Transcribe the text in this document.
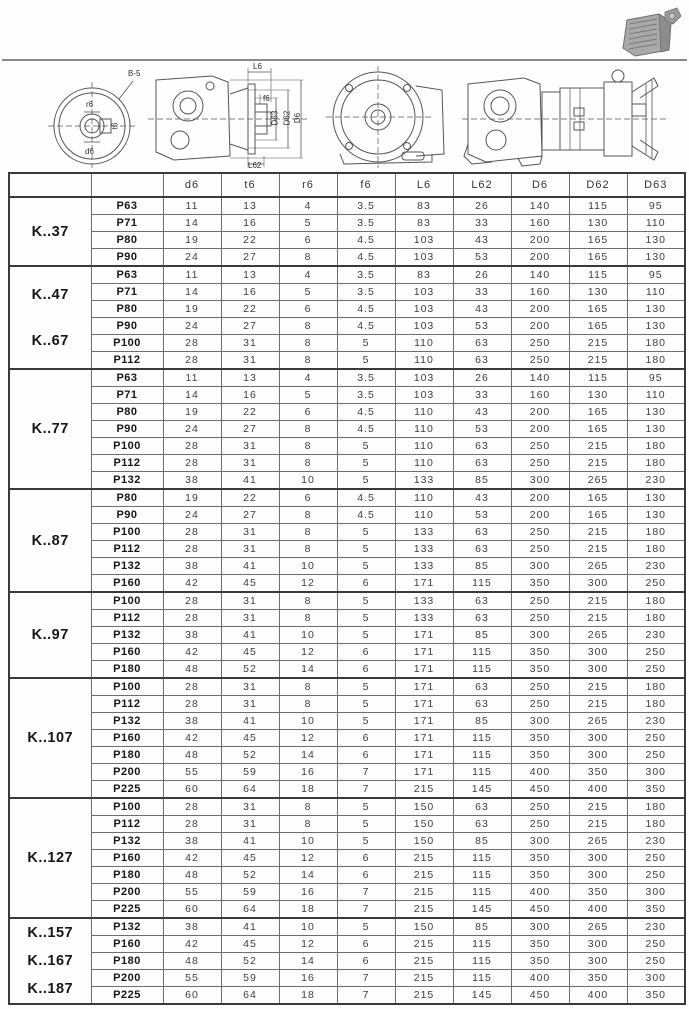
B-5
r6
t6
d6
L6
f6
D63 D62 D6
L62
		d6	t6	r6	f6	L6	L62	D6	D62	D63

K..37	P63	11	13	4	3.5	83	26	140	115	95
	P71	14	16	5	3.5	83	33	160	130	110
	P80	19	22	6	4.5	103	43	200	165	130
	P90	24	27	8	4.5	103	53	200	165	130

K..47
K..67	P63	11	13	4	3.5	83	26	140	115	95
	P71	14	16	5	3.5	103	33	160	130	110
	P80	19	22	6	4.5	103	43	200	165	130
	P90	24	27	8	4.5	103	53	200	165	130
	P100	28	31	8	5	110	63	250	215	180
	P112	28	31	8	5	110	63	250	215	180

K..77	P63	11	13	4	3.5	103	26	140	115	95
	P71	14	16	5	3.5	103	33	160	130	110
	P80	19	22	6	4.5	110	43	200	165	130
	P90	24	27	8	4.5	110	53	200	165	130
	P100	28	31	8	5	110	63	250	215	180
	P112	28	31	8	5	110	63	250	215	180
	P132	38	41	10	5	133	85	300	265	230

K..87	P80	19	22	6	4.5	110	43	200	165	130
	P90	24	27	8	4.5	110	53	200	165	130
	P100	28	31	8	5	133	63	250	215	180
	P112	28	31	8	5	133	63	250	215	180
	P132	38	41	10	5	133	85	300	265	230
	P160	42	45	12	6	171	115	350	300	250

K..97	P100	28	31	8	5	133	63	250	215	180
	P112	28	31	8	5	133	63	250	215	180
	P132	38	41	10	5	171	85	300	265	230
	P160	42	45	12	6	171	115	350	300	250
	P180	48	52	14	6	171	115	350	300	250

K..107	P100	28	31	8	5	171	63	250	215	180
	P112	28	31	8	5	171	63	250	215	180
	P132	38	41	10	5	171	85	300	265	230
	P160	42	45	12	6	171	115	350	300	250
	P180	48	52	14	6	171	115	350	300	250
	P200	55	59	16	7	171	115	400	350	300
	P225	60	64	18	7	215	145	450	400	350

K..127	P100	28	31	8	5	150	63	250	215	180
	P112	28	31	8	5	150	63	250	215	180
	P132	38	41	10	5	150	85	300	265	230
	P160	42	45	12	6	215	115	350	300	250
	P180	48	52	14	6	215	115	350	300	250
	P200	55	59	16	7	215	115	400	350	300
	P225	60	64	18	7	215	145	450	400	350

K..157
K..167
K..187	P132	38	41	10	5	150	85	300	265	230
	P160	42	45	12	6	215	115	350	300	250
	P180	48	52	14	6	215	115	350	300	250
	P200	55	59	16	7	215	115	400	350	300
	P225	60	64	18	7	215	145	450	400	350
